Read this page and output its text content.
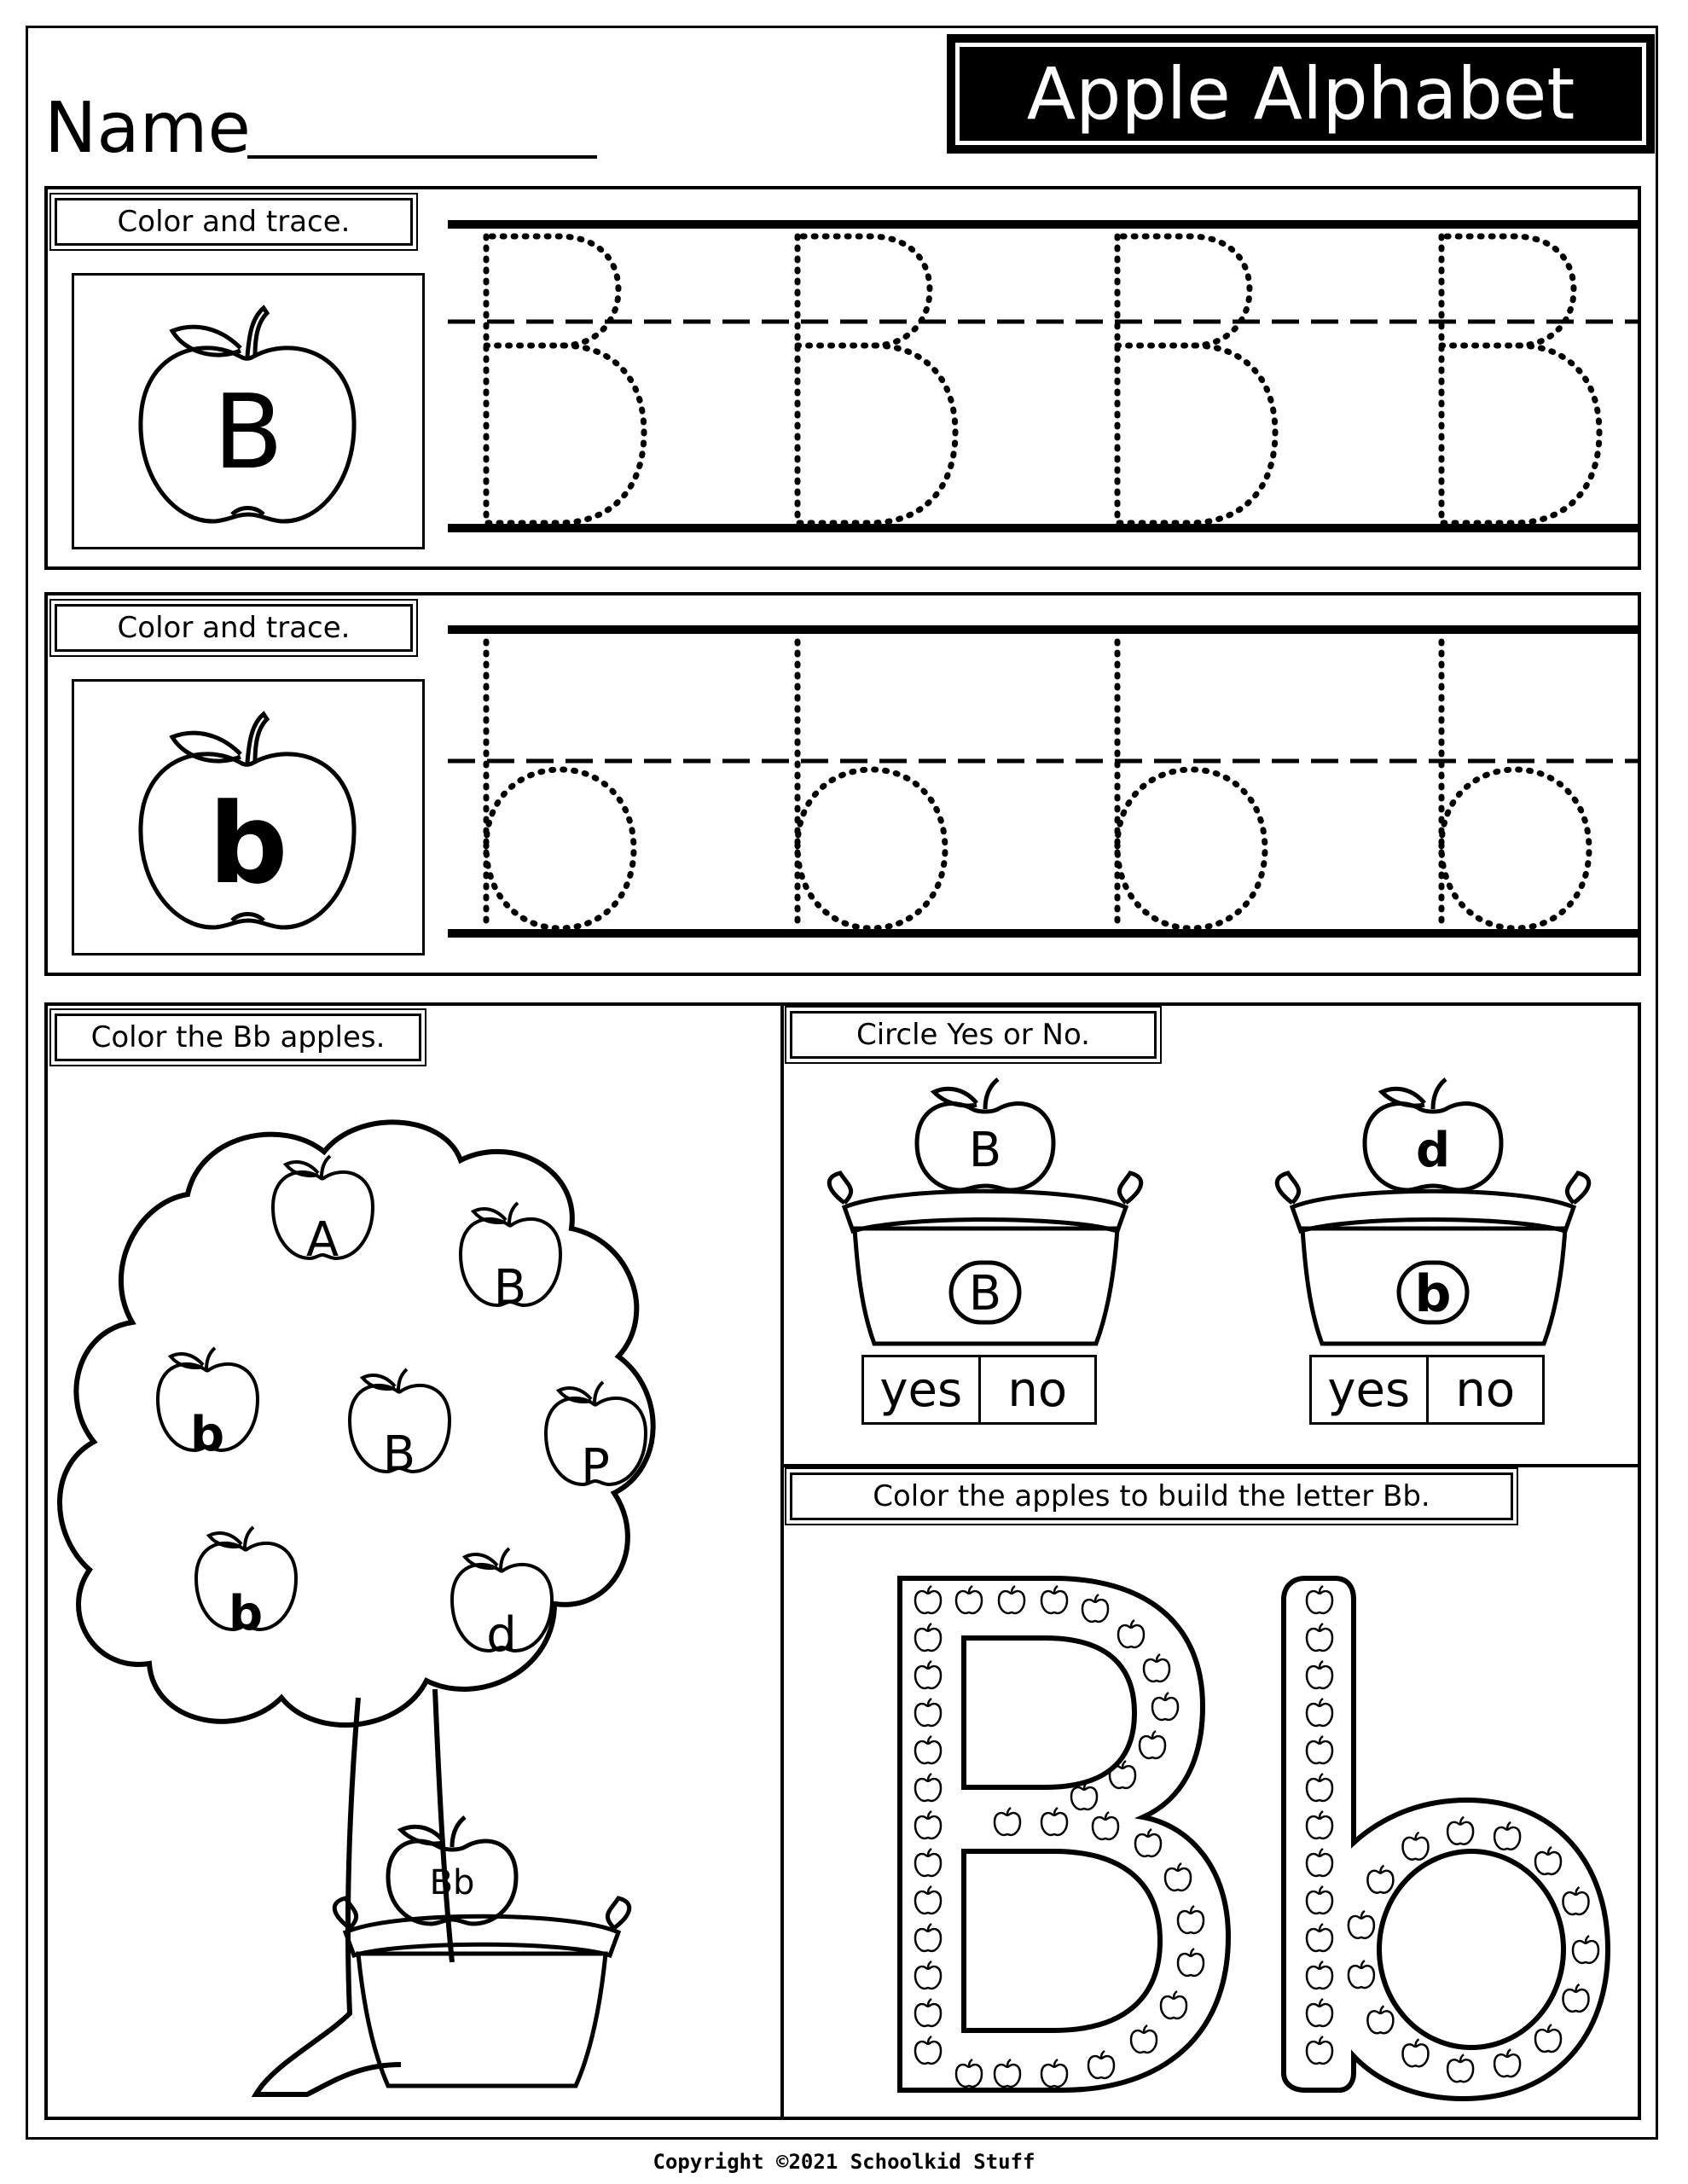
Name	Apple Alphabet
Color and trace.
B
Color and trace.
b
Color the Bb apples.
A
B
b	B	P
b	d
Bb
Circle Yes or No.
B
B
yes no
d
b
yes no
Color the apples to build the letter Bb.
Copyright ©2021 Schoolkid Stuff
